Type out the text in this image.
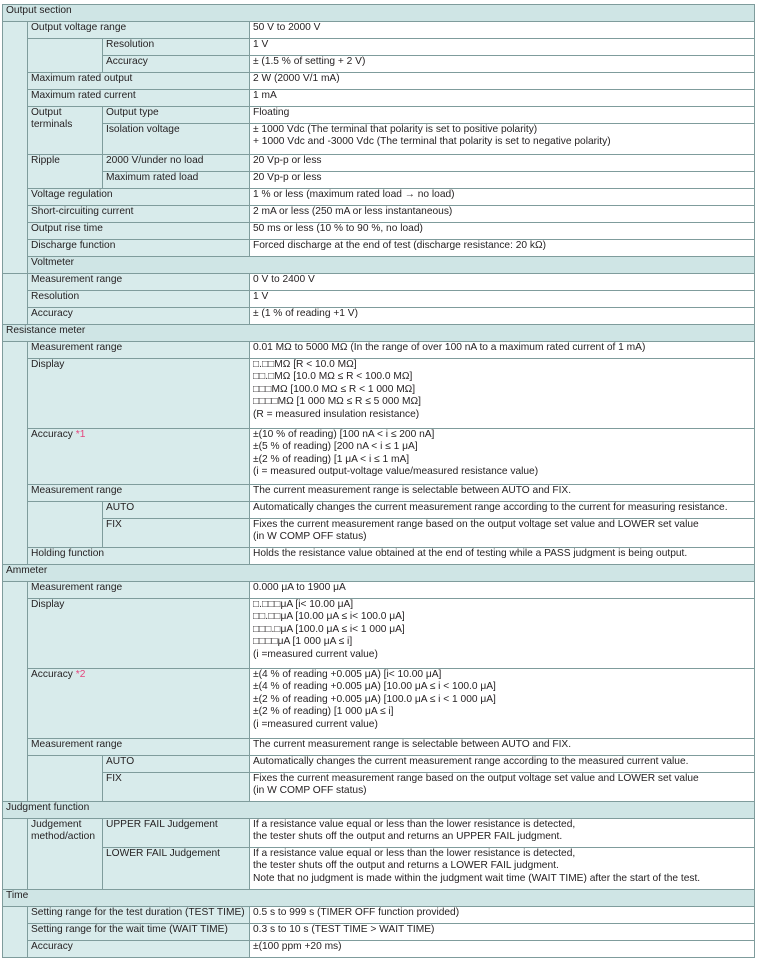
Output section			
	Output voltage range		50 V to 2000 V
		Resolution	1 V
		Accuracy	± (1.5 % of setting + 2 V)
	Maximum rated output		2 W (2000 V/1 mA)
	Maximum rated current		1 mA

	Output
terminals	Output type	Floating
		Isolation voltage	± 1000 Vdc (The terminal that polarity is set to positive polarity)
+ 1000 Vdc and -3000 Vdc (The terminal that polarity is set to negative polarity)

	Ripple	2000 V/under no load	20 Vp-p or less
		Maximum rated load	20 Vp-p or less
	Voltage regulation		1 % or less (maximum rated load → no load)
	Short-circuiting current		2 mA or less (250 mA or less instantaneous)
	Output rise time		50 ms or less (10 % to 90 %, no load)
	Discharge function		Forced discharge at the end of test (discharge resistance: 20 kΩ)
	Voltmeter		
	Measurement range		0 V to 2400 V
	Resolution		1 V
	Accuracy		± (1 % of reading +1 V)
Resistance meter			
	Measurement range		0.01 MΩ to 5000 MΩ (In the range of over 100 nA to a maximum rated current of 1 mA)
	Display		□.□□MΩ [R < 10.0 MΩ]
□□.□MΩ [10.0 MΩ ≤ R < 100.0 MΩ]
□□□MΩ [100.0 MΩ ≤ R < 1 000 MΩ]
□□□□MΩ [1 000 MΩ ≤ R ≤ 5 000 MΩ]
(R = measured insulation resistance)

	Accuracy *1		±(10 % of reading) [100 nA < i ≤ 200 nA]
±(5 % of reading) [200 nA < i ≤ 1 μA]
±(2 % of reading) [1 μA < i ≤ 1 mA]
(i = measured output-voltage value/measured resistance value)

	Measurement range		The current measurement range is selectable between AUTO and FIX.
		AUTO	Automatically changes the current measurement range according to the current for measuring resistance.
		FIX	Fixes the current measurement range based on the output voltage set value and LOWER set value
(in W COMP OFF status)

	Holding function		Holds the resistance value obtained at the end of testing while a PASS judgment is being output.
Ammeter			
	Measurement range		0.000 μA to 1900 μA
	Display		□.□□□μA [i< 10.00 μA]
□□.□□μA [10.00 μA ≤ i< 100.0 μA]
□□□.□μA [100.0 μA ≤ i< 1 000 μA]
□□□□μA [1 000 μA ≤ i]
(i =measured current value)

	Accuracy *2		±(4 % of reading +0.005 μA) [i< 10.00 μA]
±(4 % of reading +0.005 μA) [10.00 μA ≤ i < 100.0 μA]
±(2 % of reading +0.005 μA) [100.0 μA ≤ i < 1 000 μA]
±(2 % of reading) [1 000 μA ≤ i]
(i =measured current value)

	Measurement range		The current measurement range is selectable between AUTO and FIX.
		AUTO	Automatically changes the current measurement range according to the measured current value.
		FIX	Fixes the current measurement range based on the output voltage set value and LOWER set value
(in W COMP OFF status)

Judgment function			

	Judgement
method/action	UPPER FAIL Judgement	If a resistance value equal or less than the lower resistance is detected,
the tester shuts off the output and returns an UPPER FAIL judgment.

		LOWER FAIL Judgement	If a resistance value equal or less than the lower resistance is detected,
the tester shuts off the output and returns a LOWER FAIL judgment.
Note that no judgment is made within the judgment wait time (WAIT TIME) after the start of the test.

Time			
	Setting range for the test duration (TEST TIME)		0.5 s to 999 s (TIMER OFF function provided)
	Setting range for the wait time (WAIT TIME)		0.3 s to 10 s (TEST TIME > WAIT TIME)
	Accuracy		±(100 ppm +20 ms)
